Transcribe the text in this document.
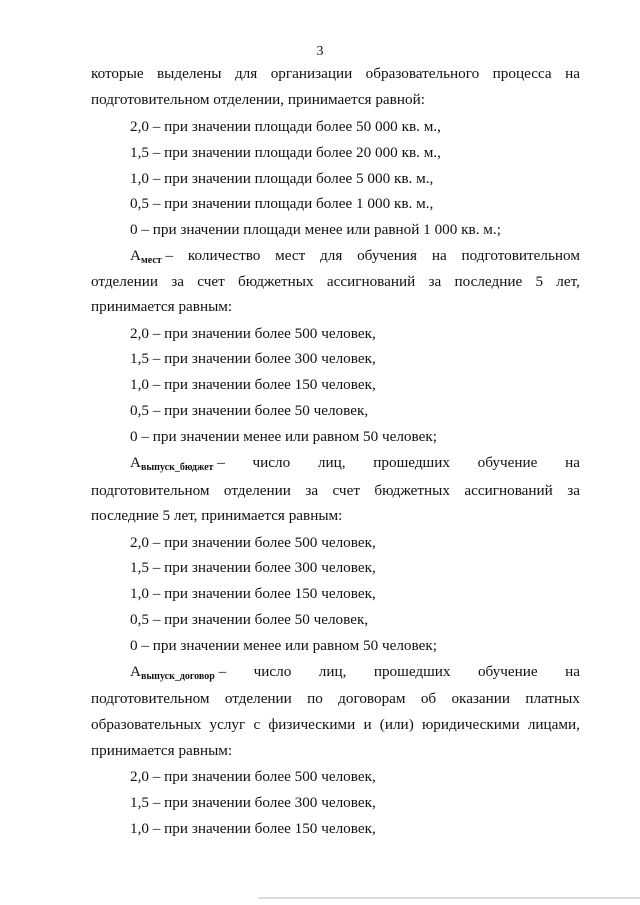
3
которые выделены для организации образовательного процесса на
подготовительном отделении, принимается равной:
2,0 – при значении площади более 50 000 кв. м.,
1,5 – при значении площади более 20 000 кв. м.,
1,0 – при значении площади более 5 000 кв. м.,
0,5 – при значении площади более 1 000 кв. м.,
0 – при значении площади менее или равной 1 000 кв. м.;
$А_{мест}$ – количество мест для обучения на подготовительном
отделении за счет бюджетных ассигнований за последние 5 лет,
принимается равным:
2,0 – при значении более 500 человек,
1,5 – при значении более 300 человек,
1,0 – при значении более 150 человек,
0,5 – при значении более 50 человек,
0 – при значении менее или равном 50 человек;
$А_{выпуск\_бюджет}$ – число лиц, прошедших обучение на
подготовительном отделении за счет бюджетных ассигнований за
последние 5 лет, принимается равным:
2,0 – при значении более 500 человек,
1,5 – при значении более 300 человек,
1,0 – при значении более 150 человек,
0,5 – при значении более 50 человек,
0 – при значении менее или равном 50 человек;
$А_{выпуск\_договор}$ – число лиц, прошедших обучение на
подготовительном отделении по договорам об оказании платных
образовательных услуг с физическими и (или) юридическими лицами,
принимается равным:
2,0 – при значении более 500 человек,
1,5 – при значении более 300 человек,
1,0 – при значении более 150 человек,
